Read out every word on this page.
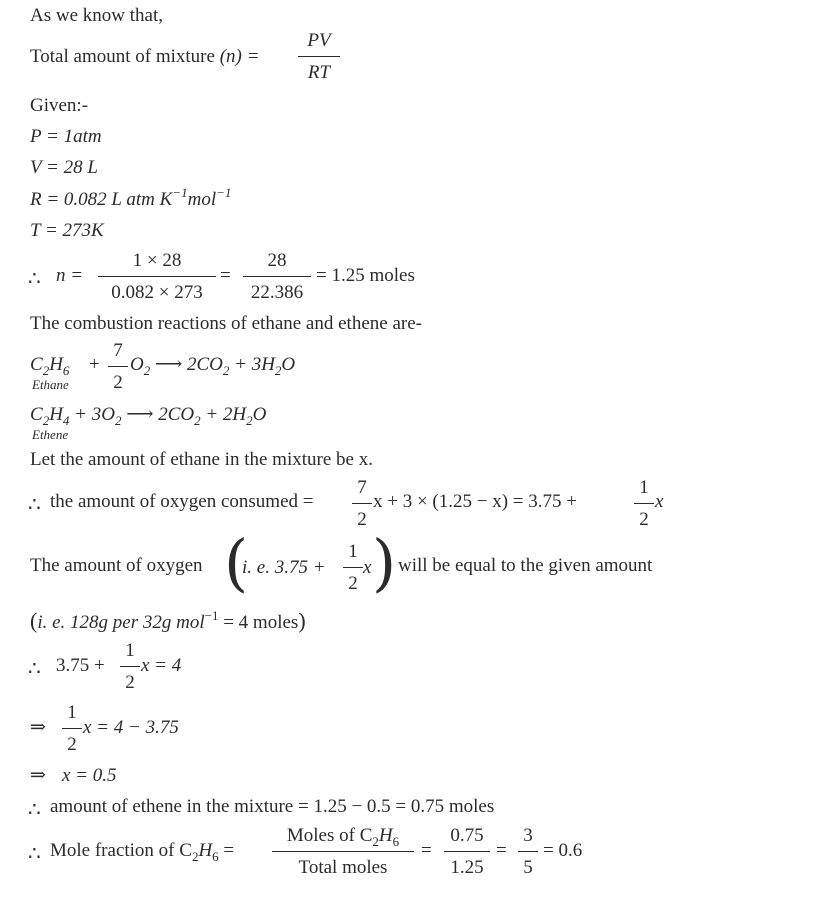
As we know that,
Total amount of mixture (n) =
PV
RT
Given:-
P = 1atm
V = 28 L
R = 0.082 L atm $K^{-1}mol^{-1}$
T = 273K
∴ n =
1 × 28
0.082 × 273
=
28
22.386
= 1.25 moles
The combustion reactions of ethane and ethene are-
$C_2H_6$ +
7
2
$O_2$ ⟶ $2CO_2 + 3H_2O$
Ethane
$C_2H_4 + 3O_2$ ⟶ $2CO_2 + 2H_2O$
Ethene
Let the amount of ethane in the mixture be x.
∴ the amount of oxygen consumed =
7
2
x + 3 × (1.25 − x) = 3.75 +
1
2
x
The amount of oxygen (
i. e. 3.75 +
1
2
x ) will be equal to the given amount
(i. e. 128g per 32g mol$^{-1}$ = 4 moles)
∴ 3.75 +
1
2
x = 4
⇒
1
2
x = 4 − 3.75
⇒ x = 0.5
∴ amount of ethene in the mixture = 1.25 − 0.5 = 0.75 moles
∴ Mole fraction of $C_2H_6$ =
Moles of $C_2H_6$
Total moles
=
0.75
1.25
=
3
5
= 0.6
